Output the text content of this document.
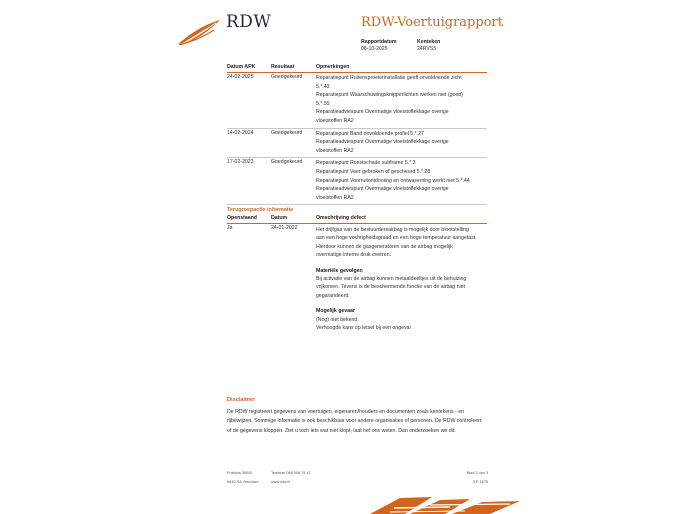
RDW	RDW-Voertuigrapport
Rapportdatum
08-10-2025
Kenteken
24RVS5
Datum APK	Resultaat	Opmerkingen
24-02-2025	Goedgekeurd	Reparatiepunt Ruitensproeierinstallatie geeft onvoldoende zicht
5.*.43
Reparatiepunt Waarschuwingsknipperlichten werken niet (goed)
5.*.55
Reparatieadviespunt Overmatige vloeistoflekkage overige
vloeistoffen RA2
14-02-2024	Goedgekeurd	Reparatiepunt Band onvoldoende profiel 5.*.27
Reparatieadviespunt Overmatige vloeistoflekkage overige
vloeistoffen RA2
17-02-2023	Goedgekeurd	Reparatiepunt Roestschade subframe 5.*.3
Reparatiepunt Veer gebroken of gescheurd 5.*.28
Reparatiepunt Voorruitontdooiing en ontwaseming werkt niet 5.*.44
Reparatieadviespunt Overmatige vloeistoflekkage overige
vloeistoffen RA2
Terugroepactie informatie
Openstaand	Datum	Omschrijving defect
Ja	24-01-2022	Het drijfgas van de bestuurdersairbag is mogelijk door blootstelling
aan een hoge vochtigheidsgraad en een hoge temperatuur aangetast.
Hierdoor kunnen de gasgeneratoren van de airbag mogelijk
overmatige interne druk creëren.
Materiële gevolgen
Bij activatie van de airbag kunnen metaaldeeltjes uit de behuizing
vrijkomen. Tevens is de beschermende functie van de airbag niet
gegarandeerd.
Mogelijk gevaar
(Nog) niet bekend
Verhoogde kans op letsel bij een ongeval
Disclaimer
De RDW registreert gegevens van voertuigen, eigenaren/houders en documenten zoals kentekens - en rijbewijzen. Sommige informatie is ook beschikbaar voor andere organisaties of personen. De RDW controleert of de gegevens kloppen. Ziet u toch iets wat niet klopt, laat het ons weten. Dan onderzoeken we dit.
Postbus 30000
9640 RA Veendam
Telefoon 088 008 74 47
www.rdw.nl
Blad 3 van 3
3.E 1678
